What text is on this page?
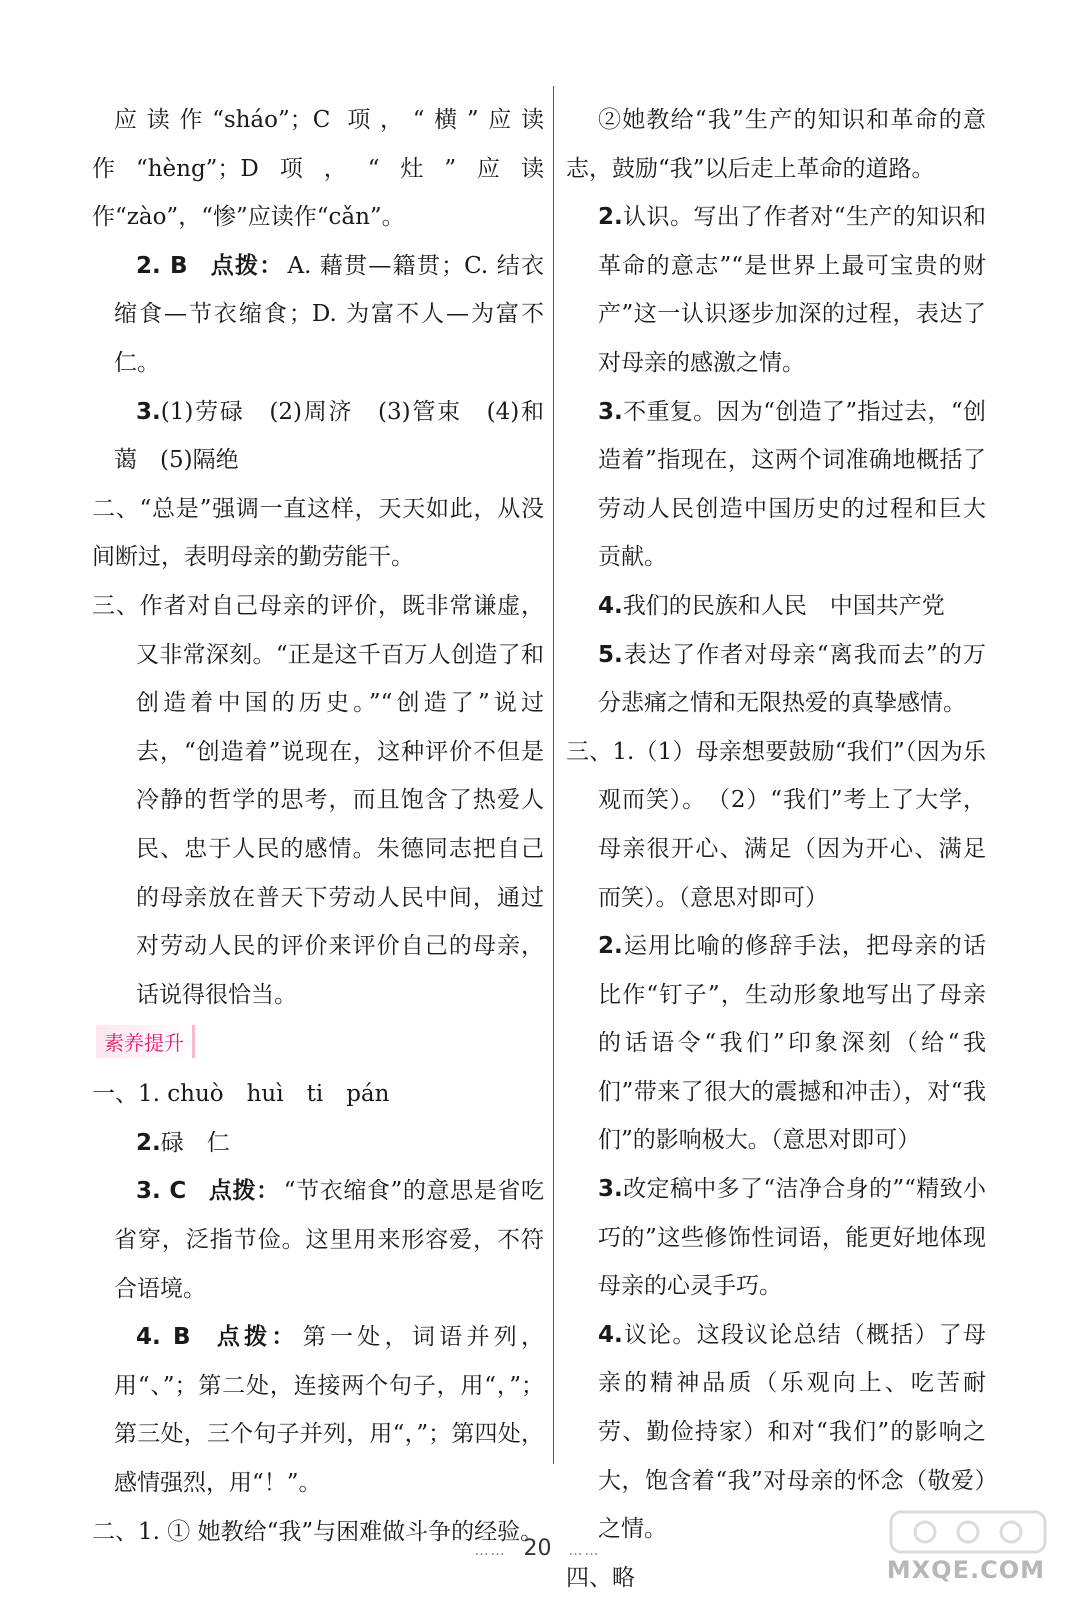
应读作“sháo”；C 项，“横”应读作“hèng”；D项，“灶”应读作“zào”，“惨”应读作“cǎn”。

2. B 点拨： A. 藉贯—籍贯；C. 结衣缩食—节衣缩食；D. 为富不人—为富不仁。

3.(1)劳碌　(2)周济　(3)管束　(4)和蔼　(5)隔绝

二、“总是”强调一直这样，天天如此，从没间断过，表明母亲的勤劳能干。

三、作者对自己母亲的评价，既非常谦虚，又非常深刻。“正是这千百万人创造了和创造着中国的历史。”“创造了”说过去，“创造着”说现在，这种评价不但是冷静的哲学的思考，而且饱含了热爱人民、忠于人民的感情。朱德同志把自己的母亲放在普天下劳动人民中间，通过对劳动人民的评价来评价自己的母亲，话说得很恰当。

素养提升

一、1. chuò　huì　ti　pán

2.碌　仁

3. C 点拨： “节衣缩食”的意思是省吃省穿，泛指节俭。这里用来形容爱，不符合语境。

4. B 点拨： 第一处，词语并列，用“、”；第二处，连接两个句子，用“，”；第三处，三个句子并列，用“，”；第四处，感情强烈，用“！”。

二、1. ① 她教给“我”与困难做斗争的经验。

②她教给“我”生产的知识和革命的意志，鼓励“我”以后走上革命的道路。

2.认识。写出了作者对“生产的知识和革命的意志”“是世界上最可宝贵的财产”这一认识逐步加深的过程，表达了对母亲的感激之情。

3.不重复。因为“创造了”指过去，“创造着”指现在，这两个词准确地概括了劳动人民创造中国历史的过程和巨大贡献。

4.我们的民族和人民　中国共产党

5.表达了作者对母亲“离我而去”的万分悲痛之情和无限热爱的真挚感情。

三、1.（1）母亲想要鼓励“我们”（因为乐观而笑）。　（2）“我们”考上了大学，母亲很开心、满足（因为开心、满足而笑）。（意思对即可）

2.运用比喻的修辞手法，把母亲的话比作“钉子”，生动形象地写出了母亲的话语令“我们”印象深刻（给“我们”带来了很大的震撼和冲击），对“我们”的影响极大。（意思对即可）

3.改定稿中多了“洁净合身的”“精致小巧的”这些修饰性词语，能更好地体现母亲的心灵手巧。

4.议论。这段议论总结（概括）了母亲的精神品质（乐观向上、吃苦耐劳、勤俭持家）和对“我们”的影响之大，饱含着“我”对母亲的怀念（敬爱）之情。

四、略

…… 20 ……
MXQE.COM
